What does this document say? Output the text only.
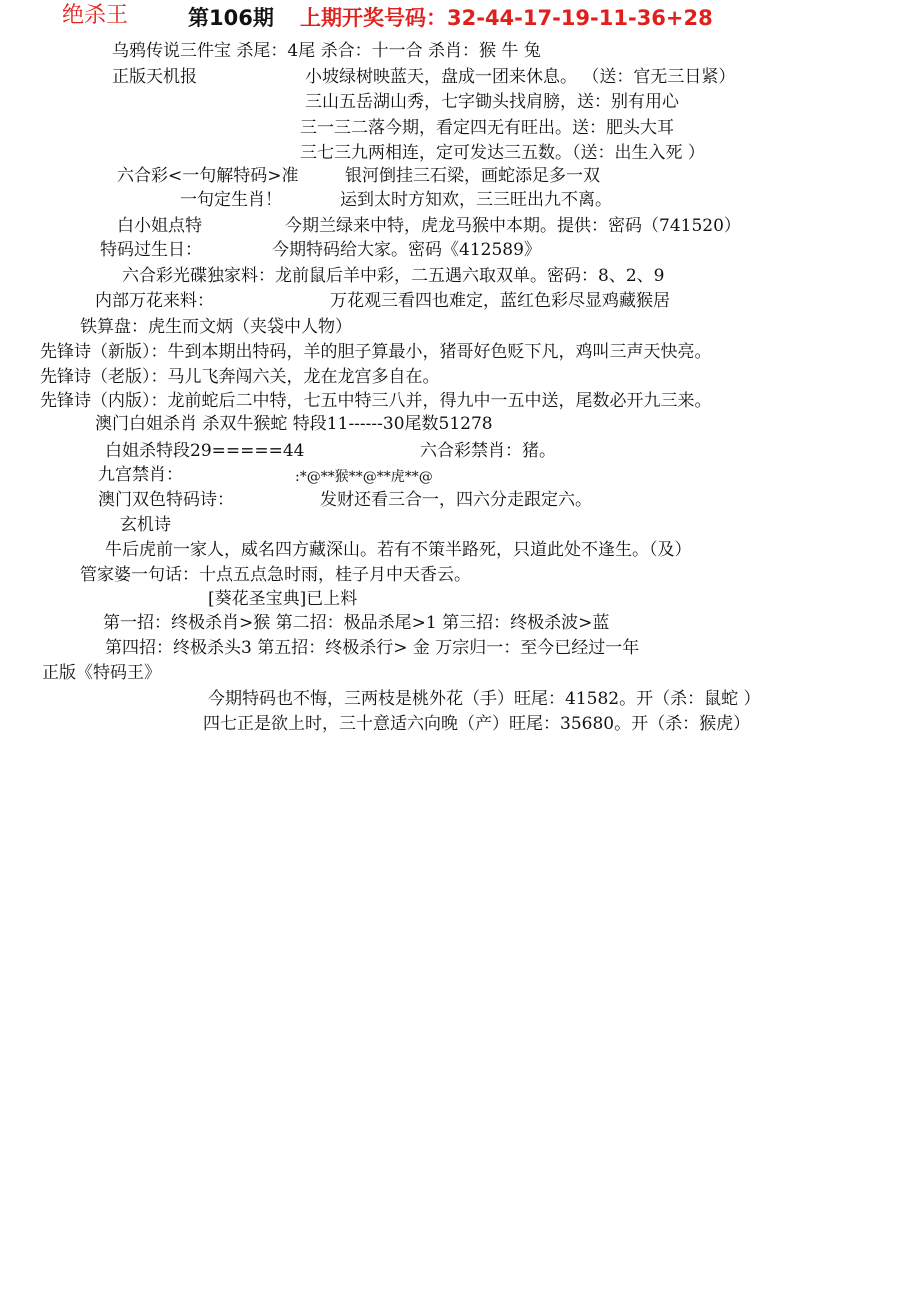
绝杀王	第106期 上期开奖号码：32-44-17-19-11-36+28
乌鸦传说三件宝 杀尾：4尾 杀合：十一合 杀肖：猴 牛 兔
正版天机报	小坡绿树映蓝天，盘成一团来休息。 （送：官无三日紧）
三山五岳湖山秀，七字锄头找肩膀，送：别有用心
三一三二落今期，看定四无有旺出。送：肥头大耳
三七三九两相连，定可发达三五数。（送：出生入死 ）
六合彩<一句解特码>准	银河倒挂三石梁，画蛇添足多一双
一句定生肖！	运到太时方知欢，三三旺出九不离。
白小姐点特	今期兰绿来中特，虎龙马猴中本期。提供：密码（741520）
特码过生日：	今期特码给大家。密码《412589》
六合彩光碟独家料：龙前鼠后羊中彩，二五遇六取双单。密码：8、2、9
内部万花来料：	万花观三看四也难定，蓝红色彩尽显鸡藏猴居
铁算盘：虎生而文炳（夹袋中人物）
先锋诗（新版）：牛到本期出特码，羊的胆子算最小，猪哥好色贬下凡，鸡叫三声天快亮。
先锋诗（老版）：马儿飞奔闯六关，龙在龙宫多自在。
先锋诗（内版）：龙前蛇后二中特，七五中特三八并，得九中一五中送，尾数必开九三来。
澳门白姐杀肖 杀双牛猴蛇 特段11------30尾数51278
白姐杀特段29=====44	六合彩禁肖：猪。
九宫禁肖：	:*@**猴**@**虎**@
澳门双色特码诗：	发财还看三合一，四六分走跟定六。
玄机诗
牛后虎前一家人，威名四方藏深山。若有不策半路死，只道此处不逢生。（及）
管家婆一句话：十点五点急时雨，桂子月中天香云。
[葵花圣宝典]已上料
第一招：终极杀肖>猴 第二招：极品杀尾>1 第三招：终极杀波>蓝
第四招：终极杀头3 第五招：终极杀行> 金 万宗归一：至今已经过一年
正版《特码王》
今期特码也不悔，三两枝是桃外花（手）旺尾：41582。开（杀：鼠蛇 ）
四七正是欲上时，三十意适六向晚（产）旺尾：35680。开（杀：猴虎）
